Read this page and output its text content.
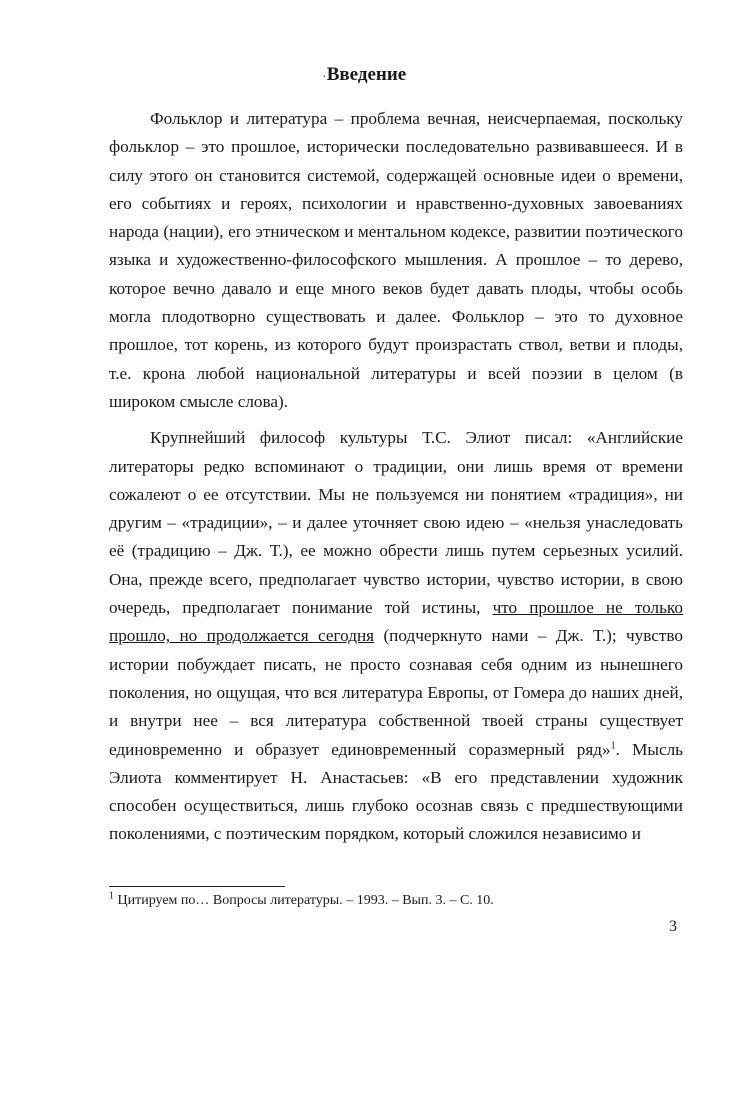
· Введение

Фольклор и литература – проблема вечная, неисчерпаемая, поскольку фольклор – это прошлое, исторически последовательно развивавшееся. И в силу этого он становится системой, содержащей основные идеи о времени, его событиях и героях, психологии и нравственно-духовных завоеваниях народа (нации), его этническом и ментальном кодексе, развитии поэтического языка и художественно-философского мышления. А прошлое – то дерево, которое вечно давало и еще много веков будет давать плоды, чтобы особь могла плодотворно существовать и далее. Фольклор – это то духовное прошлое, тот корень, из которого будут произрастать ствол, ветви и плоды, т.е. крона любой национальной литературы и всей поэзии в целом (в широком смысле слова).

Крупнейший философ культуры Т.С. Элиот писал: «Английские литераторы редко вспоминают о традиции, они лишь время от времени сожалеют о ее отсутствии. Мы не пользуемся ни понятием «традиция», ни другим – «традиции», – и далее уточняет свою идею – «нельзя унаследовать её (традицию – Дж. Т.), ее можно обрести лишь путем серьезных усилий. Она, прежде всего, предполагает чувство истории, чувство истории, в свою очередь, предполагает понимание той истины, что прошлое не только прошло, но продолжается сегодня (подчеркнуто нами – Дж. Т.); чувство истории побуждает писать, не просто сознавая себя одним из нынешнего поколения, но ощущая, что вся литература Европы, от Гомера до наших дней, и внутри нее – вся литература собственной твоей страны существует единовременно и образует единовременный соразмерный ряд»$^1$. Мысль Элиота комментирует Н. Анастасьев: «В его представлении художник способен осуществиться, лишь глубоко осознав связь с предшествующими поколениями, с поэтическим порядком, который сложился независимо и

$^1$ Цитируем по… Вопросы литературы. – 1993. – Вып. 3. – С. 10.
3
